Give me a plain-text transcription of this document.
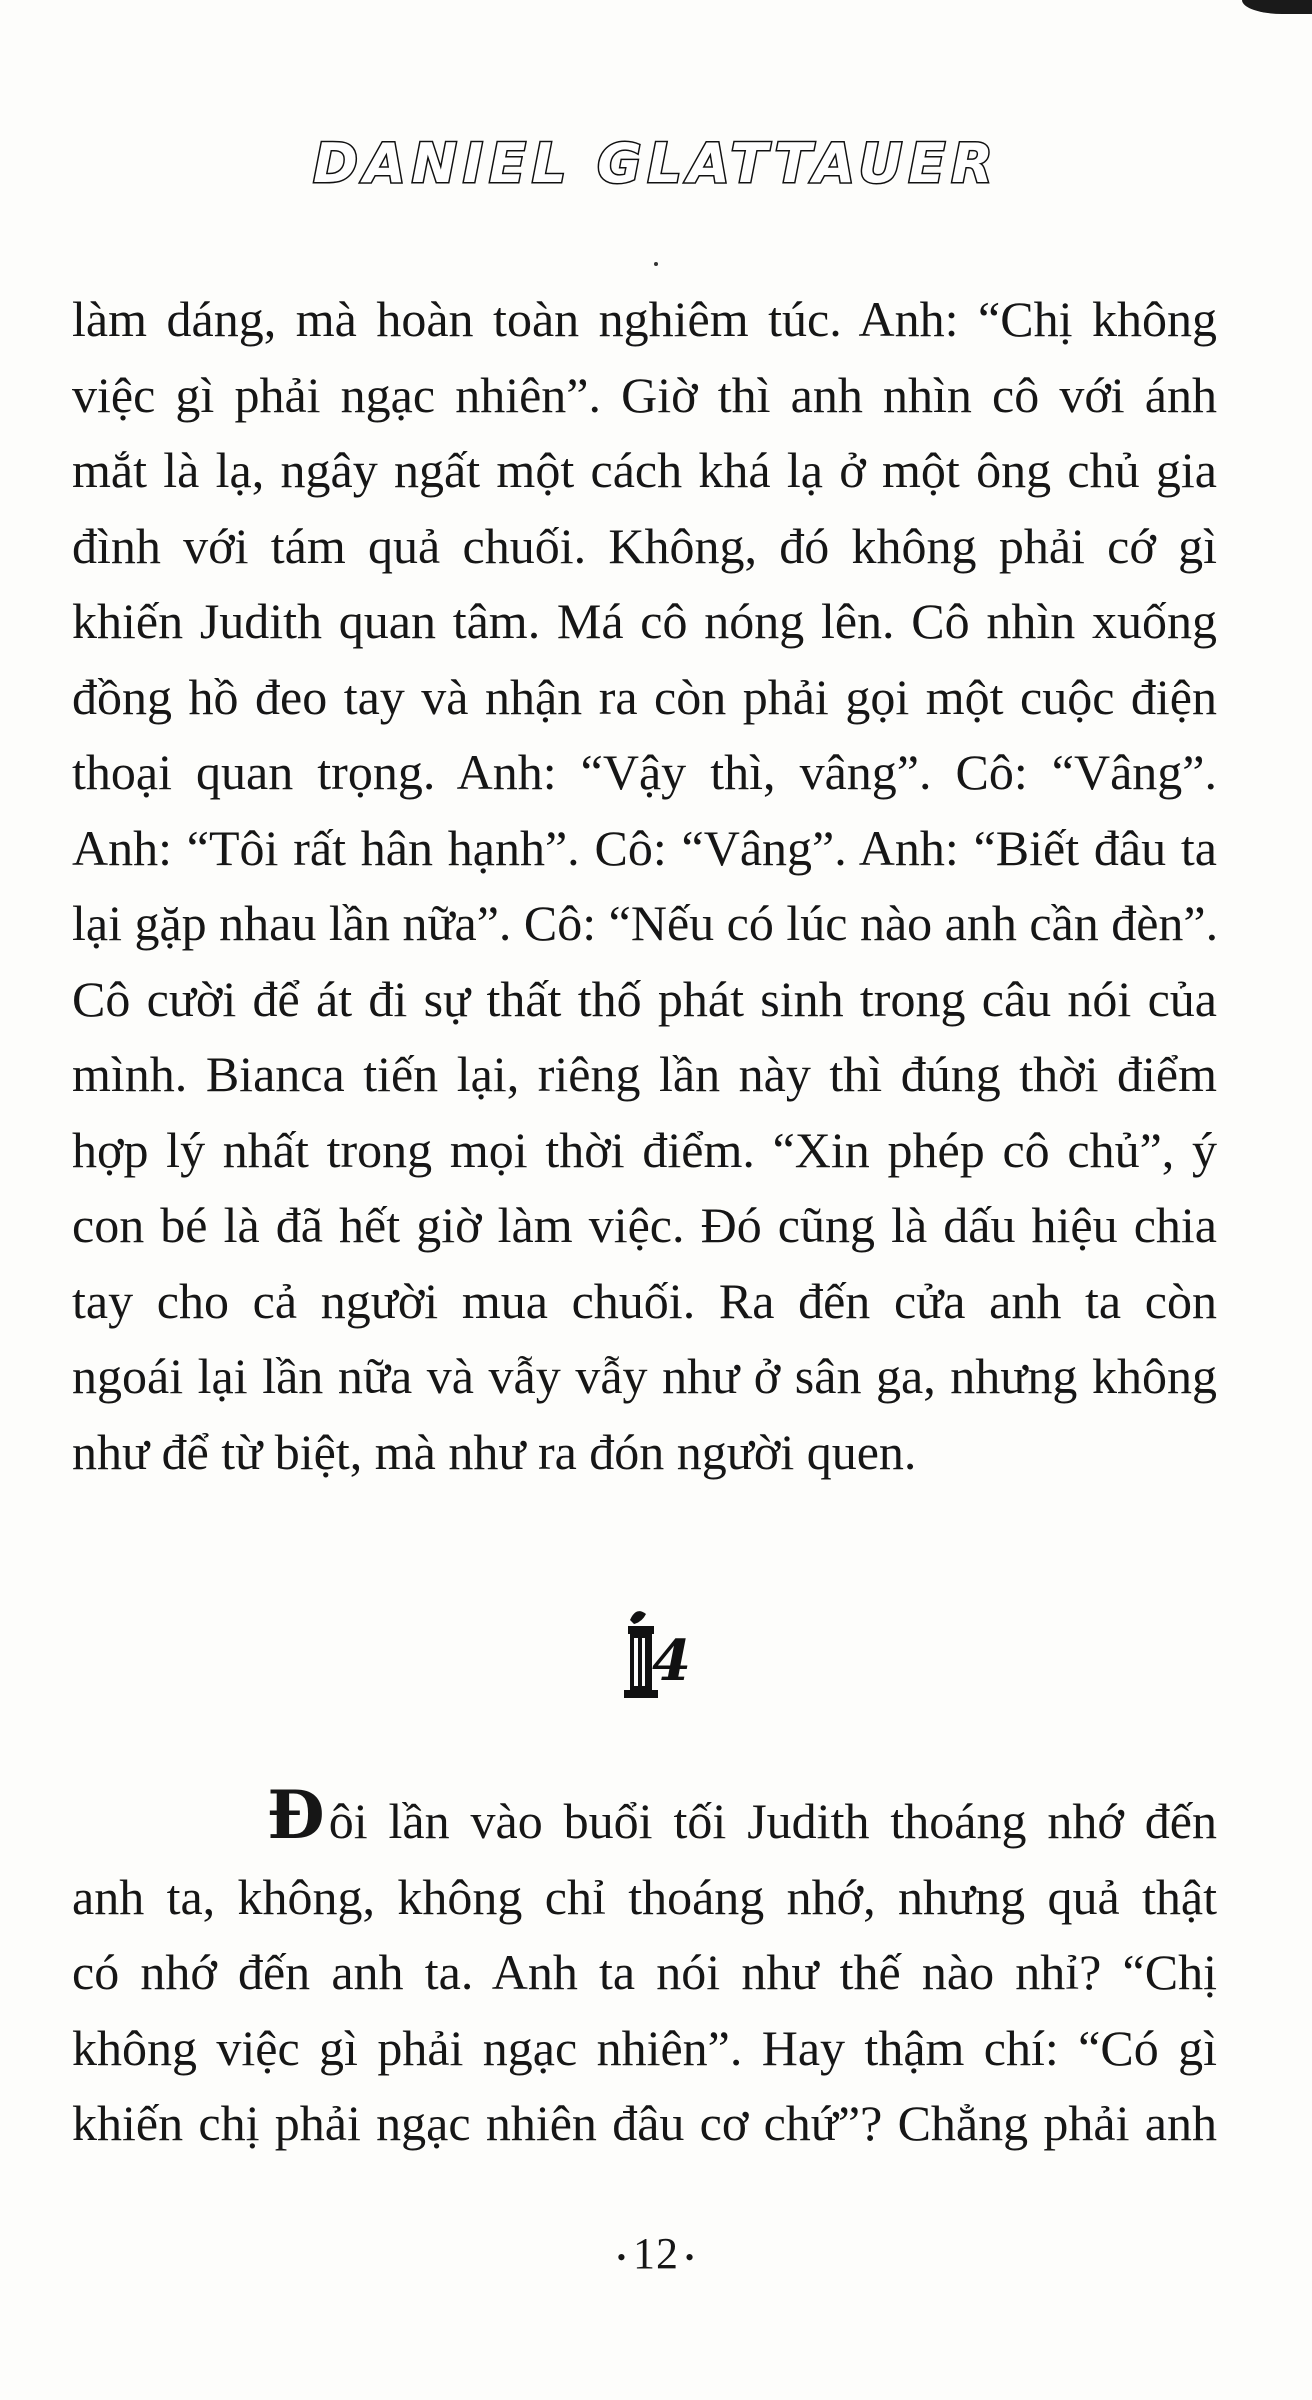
DANIEL GLATTAUER
làm dáng, mà hoàn toàn nghiêm túc. Anh: “Chị không
việc gì phải ngạc nhiên”. Giờ thì anh nhìn cô với ánh
mắt là lạ, ngây ngất một cách khá lạ ở một ông chủ gia
đình với tám quả chuối. Không, đó không phải cớ gì
khiến Judith quan tâm. Má cô nóng lên. Cô nhìn xuống
đồng hồ đeo tay và nhận ra còn phải gọi một cuộc điện
thoại quan trọng. Anh: “Vậy thì, vâng”. Cô: “Vâng”.
Anh: “Tôi rất hân hạnh”. Cô: “Vâng”. Anh: “Biết đâu ta
lại gặp nhau lần nữa”. Cô: “Nếu có lúc nào anh cần đèn”.
Cô cười để át đi sự thất thố phát sinh trong câu nói của
mình. Bianca tiến lại, riêng lần này thì đúng thời điểm
hợp lý nhất trong mọi thời điểm. “Xin phép cô chủ”, ý
con bé là đã hết giờ làm việc. Đó cũng là dấu hiệu chia
tay cho cả người mua chuối. Ra đến cửa anh ta còn
ngoái lại lần nữa và vẫy vẫy như ở sân ga, nhưng không
như để từ biệt, mà như ra đón người quen.
4
Đôi lần vào buổi tối Judith thoáng nhớ đến
anh ta, không, không chỉ thoáng nhớ, nhưng quả thật
có nhớ đến anh ta. Anh ta nói như thế nào nhỉ? “Chị
không việc gì phải ngạc nhiên”. Hay thậm chí: “Có gì
khiến chị phải ngạc nhiên đâu cơ chứ”? Chẳng phải anh
• 12 •
